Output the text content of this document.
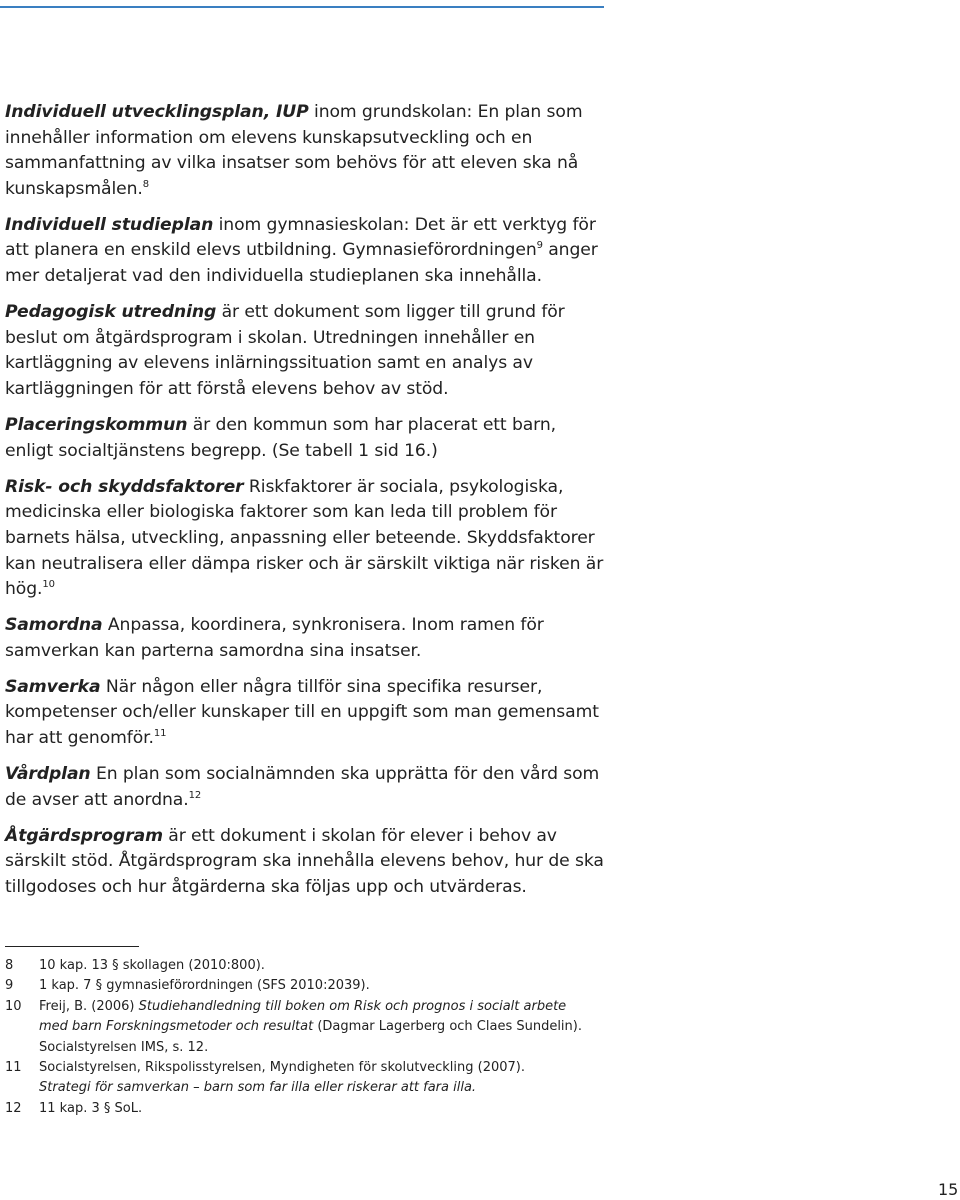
Individuell utvecklingsplan, IUP inom grundskolan: En plan som innehåller information om elevens kunskapsutveckling och en sammanfattning av vilka insatser som behövs för att eleven ska nå kunskapsmålen.$^8$

Individuell studieplan inom gymnasieskolan: Det är ett verktyg för att planera en enskild elevs utbildning. Gymnasieförordningen$^9$ anger mer detaljerat vad den individuella studieplanen ska innehålla.

Pedagogisk utredning är ett dokument som ligger till grund för beslut om åtgärdsprogram i skolan. Utredningen innehåller en kartläggning av elevens inlärningssituation samt en analys av kartläggningen för att förstå elevens behov av stöd.

Placeringskommun är den kommun som har placerat ett barn, enligt socialtjänstens begrepp. (Se tabell 1 sid 16.)

Risk- och skyddsfaktorer Riskfaktorer är sociala, psykologiska, medicinska eller biologiska faktorer som kan leda till problem för barnets hälsa, utveckling, anpassning eller beteende. Skyddsfaktorer kan neutralisera eller dämpa risker och är särskilt viktiga när risken är hög.$^{10}$

Samordna Anpassa, koordinera, synkronisera. Inom ramen för samverkan kan parterna samordna sina insatser.

Samverka När någon eller några tillför sina specifika resurser, kompetenser och/eller kunskaper till en uppgift som man gemensamt har att genomför.$^{11}$

Vårdplan En plan som socialnämnden ska upprätta för den vård som de avser att anordna.$^{12}$

Åtgärdsprogram är ett dokument i skolan för elever i behov av särskilt stöd. Åtgärdsprogram ska innehålla elevens behov, hur de ska tillgodoses och hur åtgärderna ska följas upp och utvärderas.

8	10 kap. 13 § skollagen (2010:800).
9	1 kap. 7 § gymnasieförordningen (SFS 2010:2039).
10	Freij, B. (2006) Studiehandledning till boken om Risk och prognos i socialt arbete
med barn Forskningsmetoder och resultat (Dagmar Lagerberg och Claes Sundelin).
Socialstyrelsen IMS, s. 12.
11	Socialstyrelsen, Rikspolisstyrelsen, Myndigheten för skolutveckling (2007).
Strategi för samverkan – barn som far illa eller riskerar att fara illa.
12	11 kap. 3 § SoL.
15
